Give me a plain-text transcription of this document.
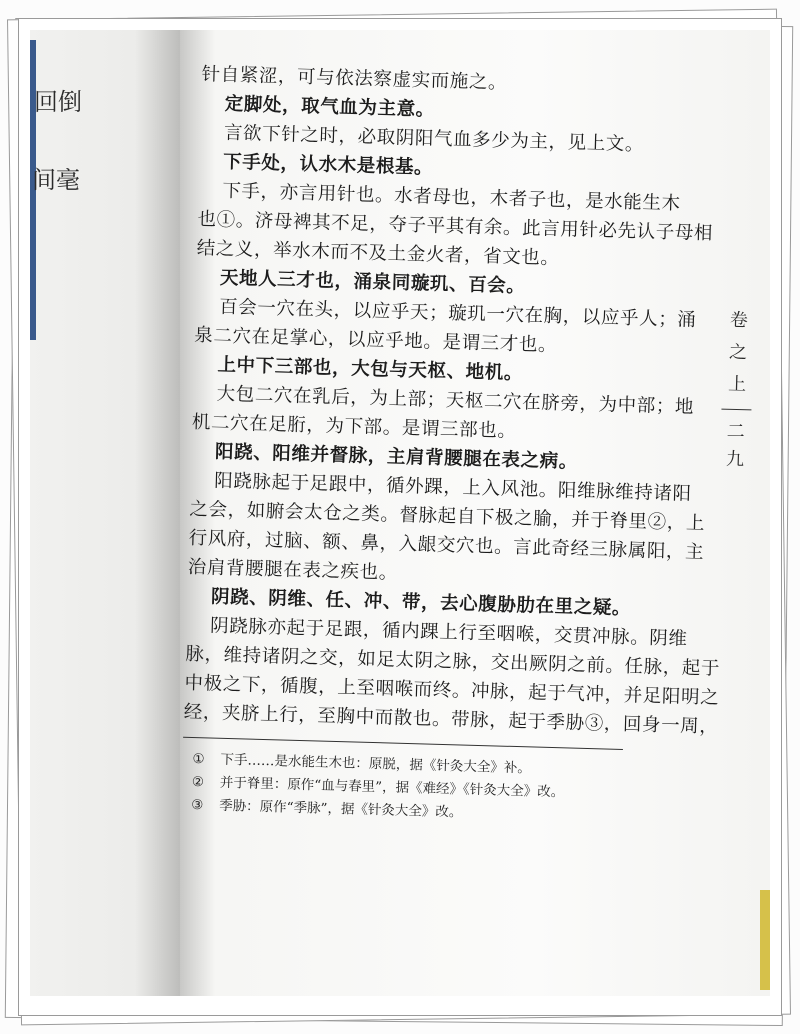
回倒
间毫
针自紧涩，可与依法察虚实而施之。
定脚处，取气血为主意。
言欲下针之时，必取阴阳气血多少为主，见上文。
下手处，认水木是根基。
下手，亦言用针也。水者母也，木者子也，是水能生木
也①。济母裨其不足，夺子平其有余。此言用针必先认子母相
结之义，举水木而不及土金火者，省文也。
天地人三才也，涌泉同璇玑、百会。
百会一穴在头，以应乎天；璇玑一穴在胸，以应乎人；涌
泉二穴在足掌心，以应乎地。是谓三才也。
上中下三部也，大包与天枢、地机。
大包二穴在乳后，为上部；天枢二穴在脐旁，为中部；地
机二穴在足胻，为下部。是谓三部也。
阳跷、阳维并督脉，主肩背腰腿在表之病。
阳跷脉起于足跟中，循外踝，上入风池。阳维脉维持诸阳
之会，如腑会太仓之类。督脉起自下极之腧，并于脊里②，上
行风府，过脑、额、鼻，入龈交穴也。言此奇经三脉属阳，主
治肩背腰腿在表之疾也。
阴跷、阴维、任、冲、带，去心腹胁肋在里之疑。
阴跷脉亦起于足跟，循内踝上行至咽喉，交贯冲脉。阴维
脉，维持诸阴之交，如足太阴之脉，交出厥阴之前。任脉，起于
中极之下，循腹，上至咽喉而终。冲脉，起于气冲，并足阳明之
经，夹脐上行，至胸中而散也。带脉，起于季胁③，回身一周，
① 下手……是水能生木也：原脱，据《针灸大全》补。
② 并于脊里：原作“血与春里”，据《难经》《针灸大全》改。
③ 季胁：原作“季脉”，据《针灸大全》改。
卷
之
上
二
九
